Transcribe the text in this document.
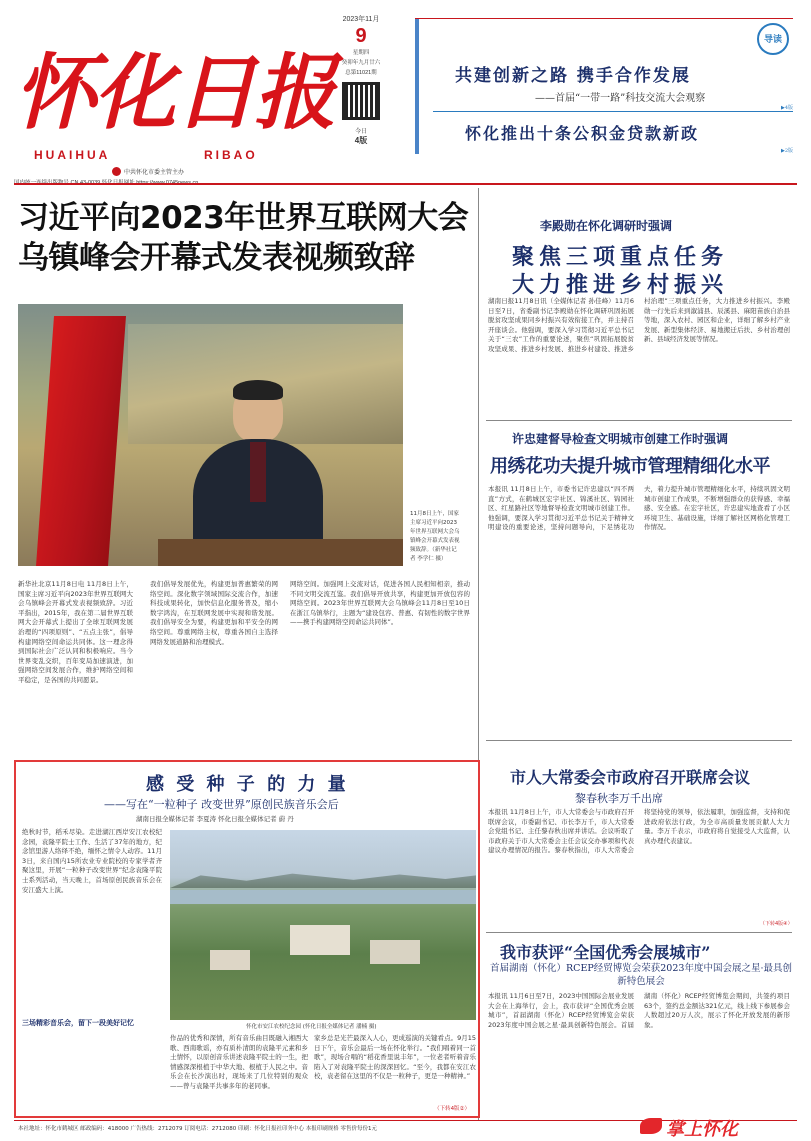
怀化日报
HUAIHUA	RIBAO
中共怀化市委主管主办
2023年11月
9
星期四
癸卯年九月廿六
总第11021期
今日
4版
导读
共建创新之路 携手合作发展
——首届“一带一路”科技交流大会观察
▶4版
怀化推出十条公积金贷款新政
▶2版
习近平向2023年世界互联网大会
乌镇峰会开幕式发表视频致辞
11月8日上午，国家主席习近平向2023年世界互联网大会乌镇峰会开幕式发表视频致辞。（新华社记者 李学仁 摄）
新华社北京11月8日电 11月8日上午，国家主席习近平向2023年世界互联网大会乌镇峰会开幕式发表视频致辞。习近平指出，2015年，我在第二届世界互联网大会开幕式上提出了全球互联网发展治理的“四项原则”、“五点主张”，倡导构建网络空间命运共同体。这一理念得到国际社会广泛认同和积极响应。当今世界变乱交织，百年变局加速演进，加强网络空间发展合作，维护网络空间和平稳定，是各国的共同愿景。
我们倡导发展优先，构建更加普惠繁荣的网络空间。深化数字领域国际交流合作，加速科技成果转化，加快信息化服务普及，缩小数字鸿沟，在互联网发展中实现和谐发展。我们倡导安全为要，构建更加和平安全的网络空间。尊重网络主权，尊重各国自主选择网络发展道路和治理模式。
网络空间。加强网上交流对话，促进各国人民相知相亲，推动不同文明交流互鉴。我们倡导开放共享，构建更加开放包容的网络空间。2023年世界互联网大会乌镇峰会11月8日至10日在浙江乌镇举行，主题为“建设包容、普惠、有韧性的数字世界——携手构建网络空间命运共同体”。
李殿勋在怀化调研时强调
聚焦三项重点任务
大力推进乡村振兴
湖南日报11月8日讯（全媒体记者 孙佳峰）11月6日至7日，省委副书记李殿勋在怀化调研巩固拓展脱贫攻坚成果同乡村振兴有效衔接工作，并主持召开座谈会。他强调，要深入学习贯彻习近平总书记关于“三农”工作的重要论述，聚焦“巩固拓展脱贫攻坚成果、推进乡村发展、推进乡村建设、推进乡村治理”三项重点任务，大力推进乡村振兴。李殿勋一行先后来到溆浦县、辰溪县、麻阳苗族自治县等地，深入农村、园区和企业，详细了解乡村产业发展、新型集体经济、易地搬迁后扶、乡村治理创新、县域经济发展等情况。
许忠建督导检查文明城市创建工作时强调
用绣花功夫提升城市管理精细化水平
本报讯 11月8日上午，市委书记许忠建以“四不两直”方式，在鹤城区宏宇社区、锦溪社区、锦园社区、红星路社区等地督导检查文明城市创建工作。他强调，要深入学习贯彻习近平总书记关于精神文明建设的重要论述，坚持问题导向，下足绣花功夫，着力提升城市管理精细化水平，持续巩固文明城市创建工作成果，不断增强群众的获得感、幸福感、安全感。在宏宇社区，许忠建实地查看了小区环境卫生、基础设施，详细了解社区网格化管理工作情况。
感 受 种 子 的 力 量
——写在“一粒种子 改变世界”原创民族音乐会后
湖南日报全媒体记者 李夏涛 怀化日报全媒体记者 蔚 丹
绝秋时节，稻禾尽染。走进湖江西岸安江农校纪念园，袁隆平院士工作、生活了37年的地方，纪念馆里游人络绎不绝，缅怀之情令人动容。11月3日，来自国内15所农业专业院校的专家学者齐聚这里，开展“一粒种子改变世界”纪念袁隆平院士系列活动，当天晚上，首场原创民族音乐会在安江盛大上演。
怀化市安江农校纪念园 (怀化日报全媒体记者 潘楠 摄)
三场精彩音乐会，留下一段美好记忆
作品的优秀和深情，所有音乐曲目既融入湘西大歌、西南歌谣，亦有质朴清朗的袁隆平元素和乡土情怀，以原创音乐讲述袁隆平院士的一生，把情感深深根植于中华大地、根植于人民之中。音乐会在长沙演出时，现场来了几位特别的观众——曾与袁隆平共事多年的老同事。
家乡总是光芒最深入人心，更成巡演的关键看点。9月15日下午，音乐会最后一场在怀化举行。“我们唱着同一首歌”，现场合唱的“稻花香里说丰年”，一位老者听着音乐陷入了对袁隆平院士的深深回忆。“至今，我都在安江农校，袁老留在这里的不仅是一粒种子，更是一种精神。”
（下转4版②）
市人大常委会市政府召开联席会议
黎春秋李万千出席
本报讯 11月8日上午，市人大常委会与市政府召开联席会议，市委副书记、市长李万千，市人大常委会党组书记、主任黎春秋出席并讲话。会议听取了市政府关于市人大常委会主任会议交办事项和代表建议办理情况的报告。黎春秋指出，市人大常委会将坚持党的领导，依法履职，加强监督，支持和促进政府依法行政，为全市高质量发展贡献人大力量。李万千表示，市政府将自觉接受人大监督，认真办理代表建议。
（下转4版④）
我市获评“全国优秀会展城市”
首届湖南（怀化）RCEP经贸博览会荣获2023年度中国会展之星·最具创新特色展会
本报讯 11月6日至7日，2023中国国际会展业发展大会在上海举行，会上，我市获评“全国优秀会展城市”，首届湖南（怀化）RCEP经贸博览会荣获2023年度中国会展之星·最具创新特色展会。首届湖南（怀化）RCEP经贸博览会期间，共签约项目63个，签约总金额达321亿元，线上线下参展参会人数超过20万人次，展示了怀化开放发展的新形象。
本社地址：怀化市鹤城区 邮政编码：418000 广告热线：2712079 订阅电话：2712080 印刷：怀化日报社印务中心 本报印刷规格 零售价每份1元	掌上怀化
